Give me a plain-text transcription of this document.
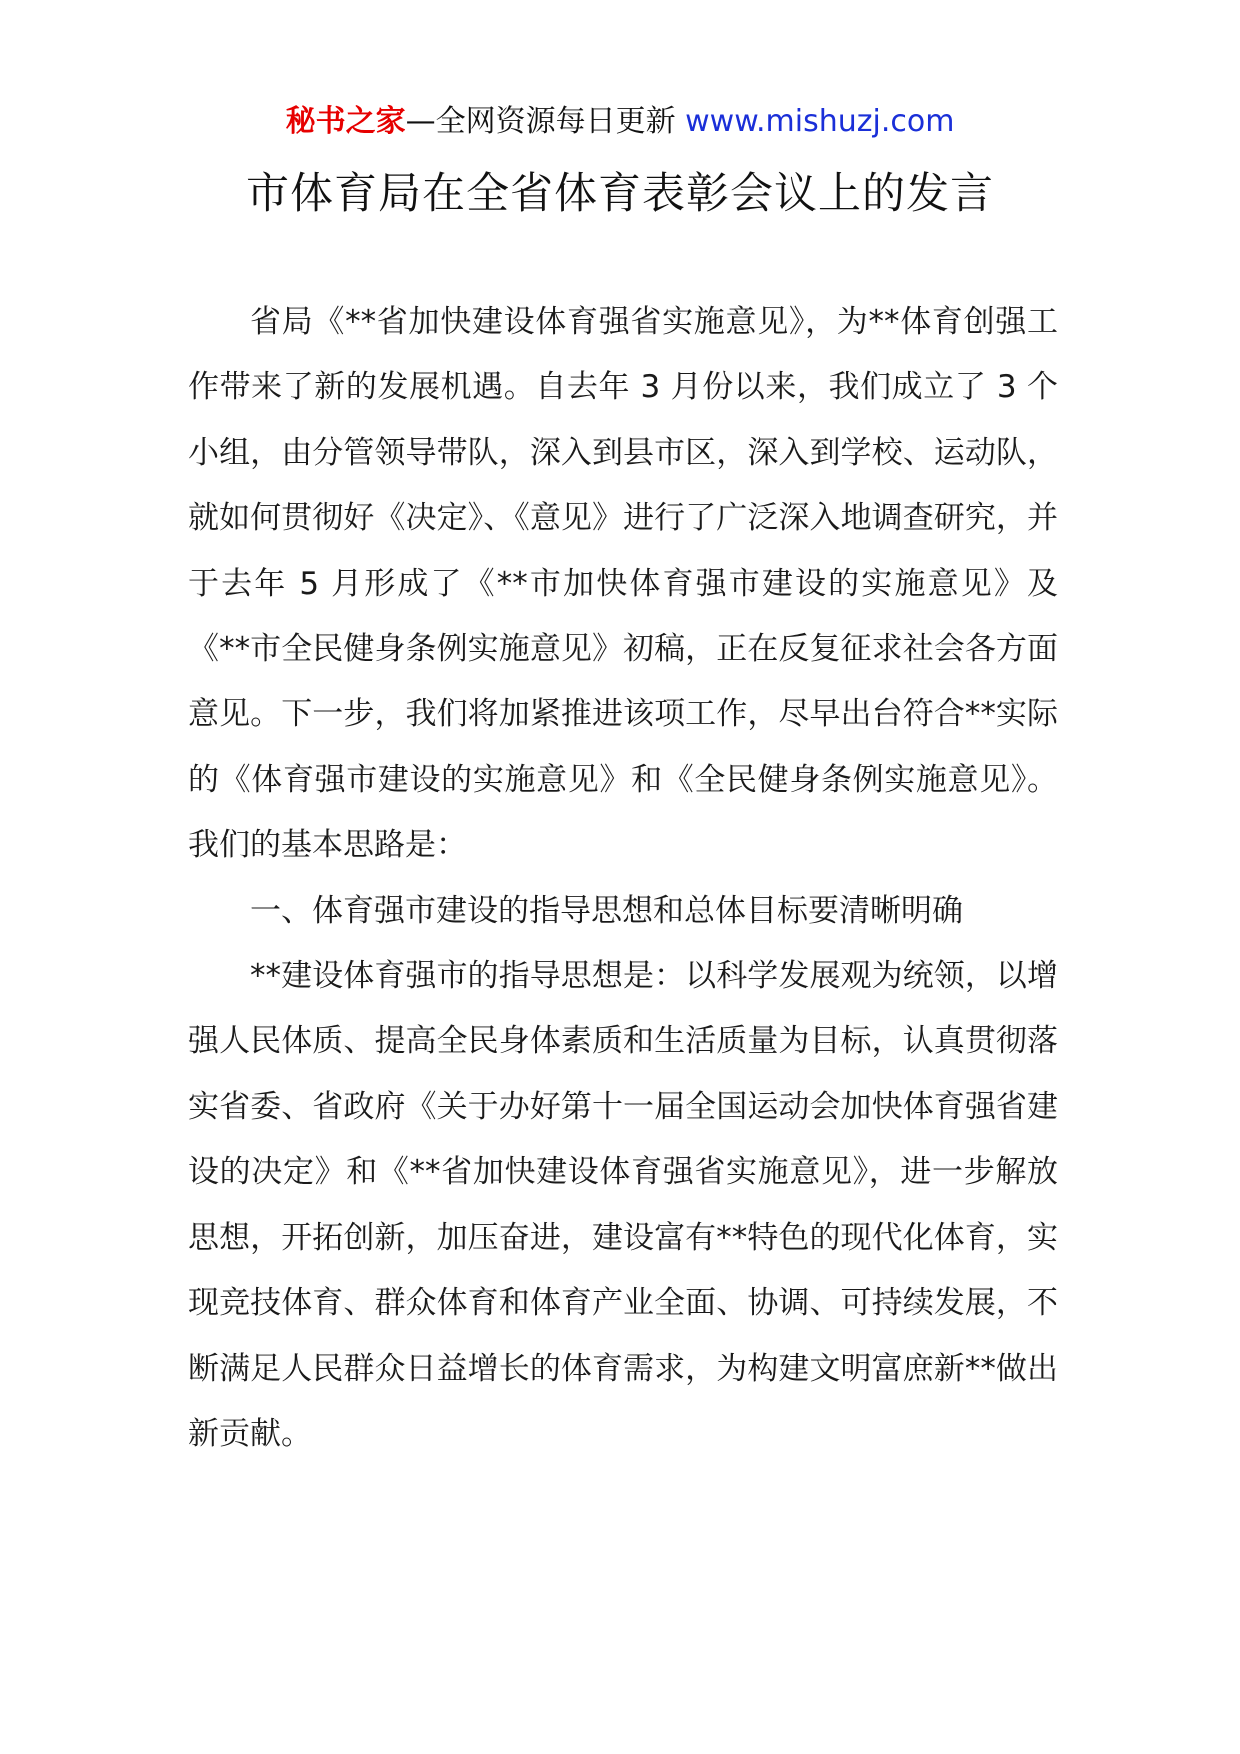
秘书之家—全网资源每日更新 www.mishuzj.com
市体育局在全省体育表彰会议上的发言

省局《**省加快建设体育强省实施意见》，为**体育创强工作带来了新的发展机遇。自去年 3 月份以来，我们成立了 3 个小组，由分管领导带队，深入到县市区，深入到学校、运动队，就如何贯彻好《决定》、《意见》进行了广泛深入地调查研究，并于去年 5 月形成了《**市加快体育强市建设的实施意见》及《**市全民健身条例实施意见》初稿，正在反复征求社会各方面意见。下一步，我们将加紧推进该项工作，尽早出台符合**实际的《体育强市建设的实施意见》和《全民健身条例实施意见》。我们的基本思路是：

一、体育强市建设的指导思想和总体目标要清晰明确

**建设体育强市的指导思想是：以科学发展观为统领，以增强人民体质、提高全民身体素质和生活质量为目标，认真贯彻落实省委、省政府《关于办好第十一届全国运动会加快体育强省建设的决定》和《**省加快建设体育强省实施意见》，进一步解放思想，开拓创新，加压奋进，建设富有**特色的现代化体育，实现竞技体育、群众体育和体育产业全面、协调、可持续发展，不断满足人民群众日益增长的体育需求，为构建文明富庶新**做出新贡献。
